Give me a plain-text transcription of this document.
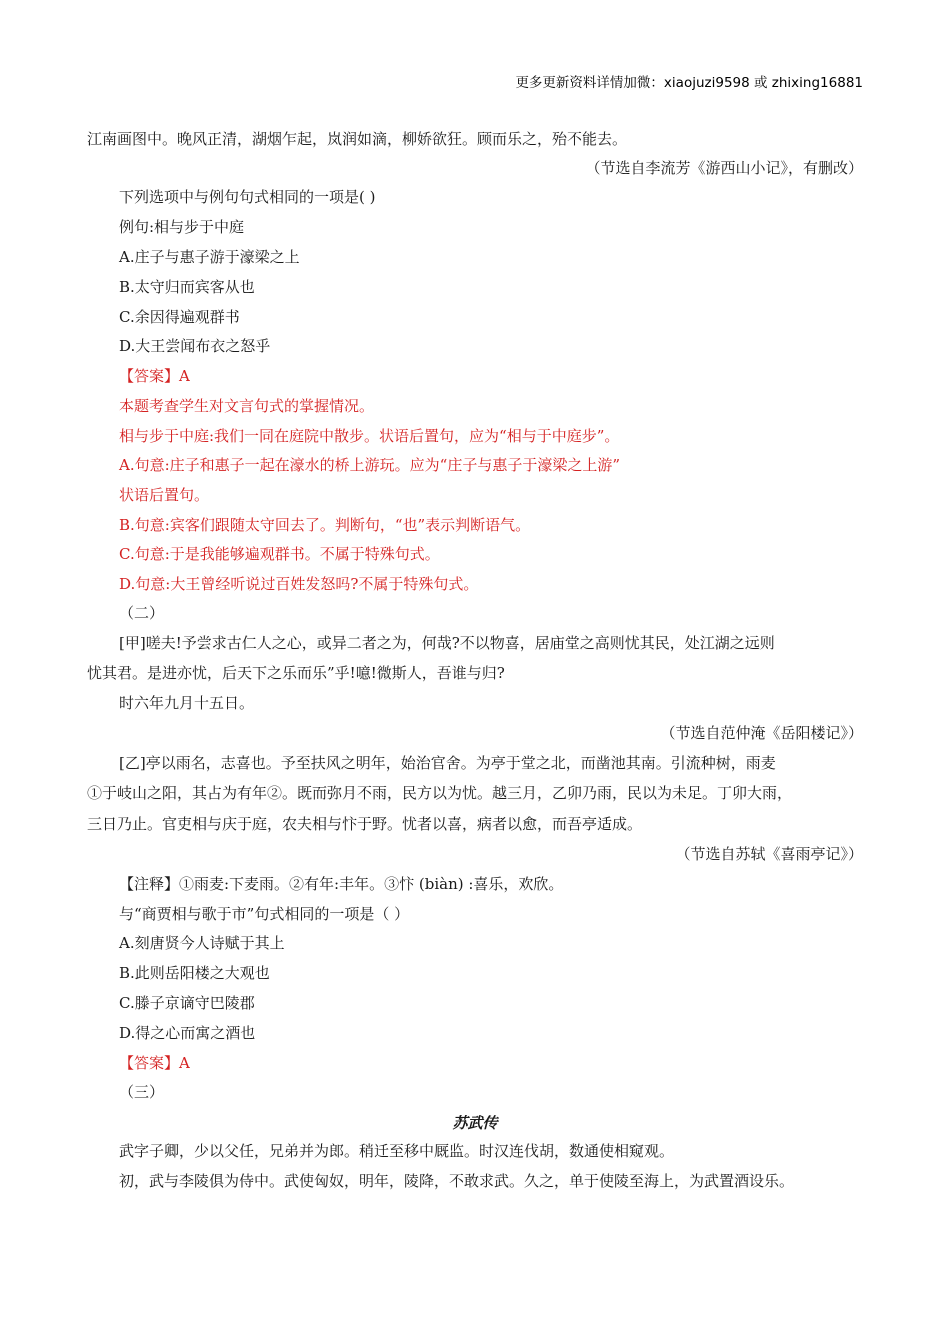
更多更新资料详情加微：xiaojuzi9598 或 zhixing16881
江南画图中。晚风正清，湖烟乍起，岚润如滴，柳娇欲狂。顾而乐之，殆不能去。
（节选自李流芳《游西山小记》，有删改）
下列选项中与例句句式相同的一项是( )
例句:相与步于中庭
A.庄子与惠子游于濠梁之上
B.太守归而宾客从也
C.余因得遍观群书
D.大王尝闻布衣之怒乎
【答案】A
本题考查学生对文言句式的掌握情况。
相与步于中庭:我们一同在庭院中散步。状语后置句，应为“相与于中庭步”。
A.句意:庄子和惠子一起在濠水的桥上游玩。应为“庄子与惠子于濠梁之上游”
状语后置句。
B.句意:宾客们跟随太守回去了。判断句，“也”表示判断语气。
C.句意:于是我能够遍观群书。不属于特殊句式。
D.句意:大王曾经听说过百姓发怒吗?不属于特殊句式。
（二）
[甲]嗟夫!予尝求古仁人之心，或异二者之为，何哉?不以物喜，居庙堂之高则忧其民，处江湖之远则
忧其君。是进亦忧，后天下之乐而乐”乎!噫!微斯人，吾谁与归?
时六年九月十五日。
（节选自范仲淹《岳阳楼记》）
[乙]亭以雨名，志喜也。予至扶风之明年，始治官舍。为亭于堂之北，而凿池其南。引流种树，雨麦
①于岐山之阳，其占为有年②。既而弥月不雨，民方以为忧。越三月，乙卯乃雨，民以为未足。丁卯大雨，
三日乃止。官吏相与庆于庭，农夫相与忭于野。忧者以喜，病者以愈，而吾亭适成。
（节选自苏轼《喜雨亭记》）
【注释】①雨麦:下麦雨。②有年:丰年。③忭 (biàn) :喜乐，欢欣。
与“商贾相与歌于市”句式相同的一项是（ ）
A.刻唐贤今人诗赋于其上
B.此则岳阳楼之大观也
C.滕子京谪守巴陵郡
D.得之心而寓之酒也
【答案】A
（三）
苏武传
武字子卿，少以父任，兄弟并为郎。稍迁至移中厩监。时汉连伐胡，数通使相窥观。
初，武与李陵俱为侍中。武使匈奴，明年，陵降，不敢求武。久之，单于使陵至海上，为武置酒设乐。
